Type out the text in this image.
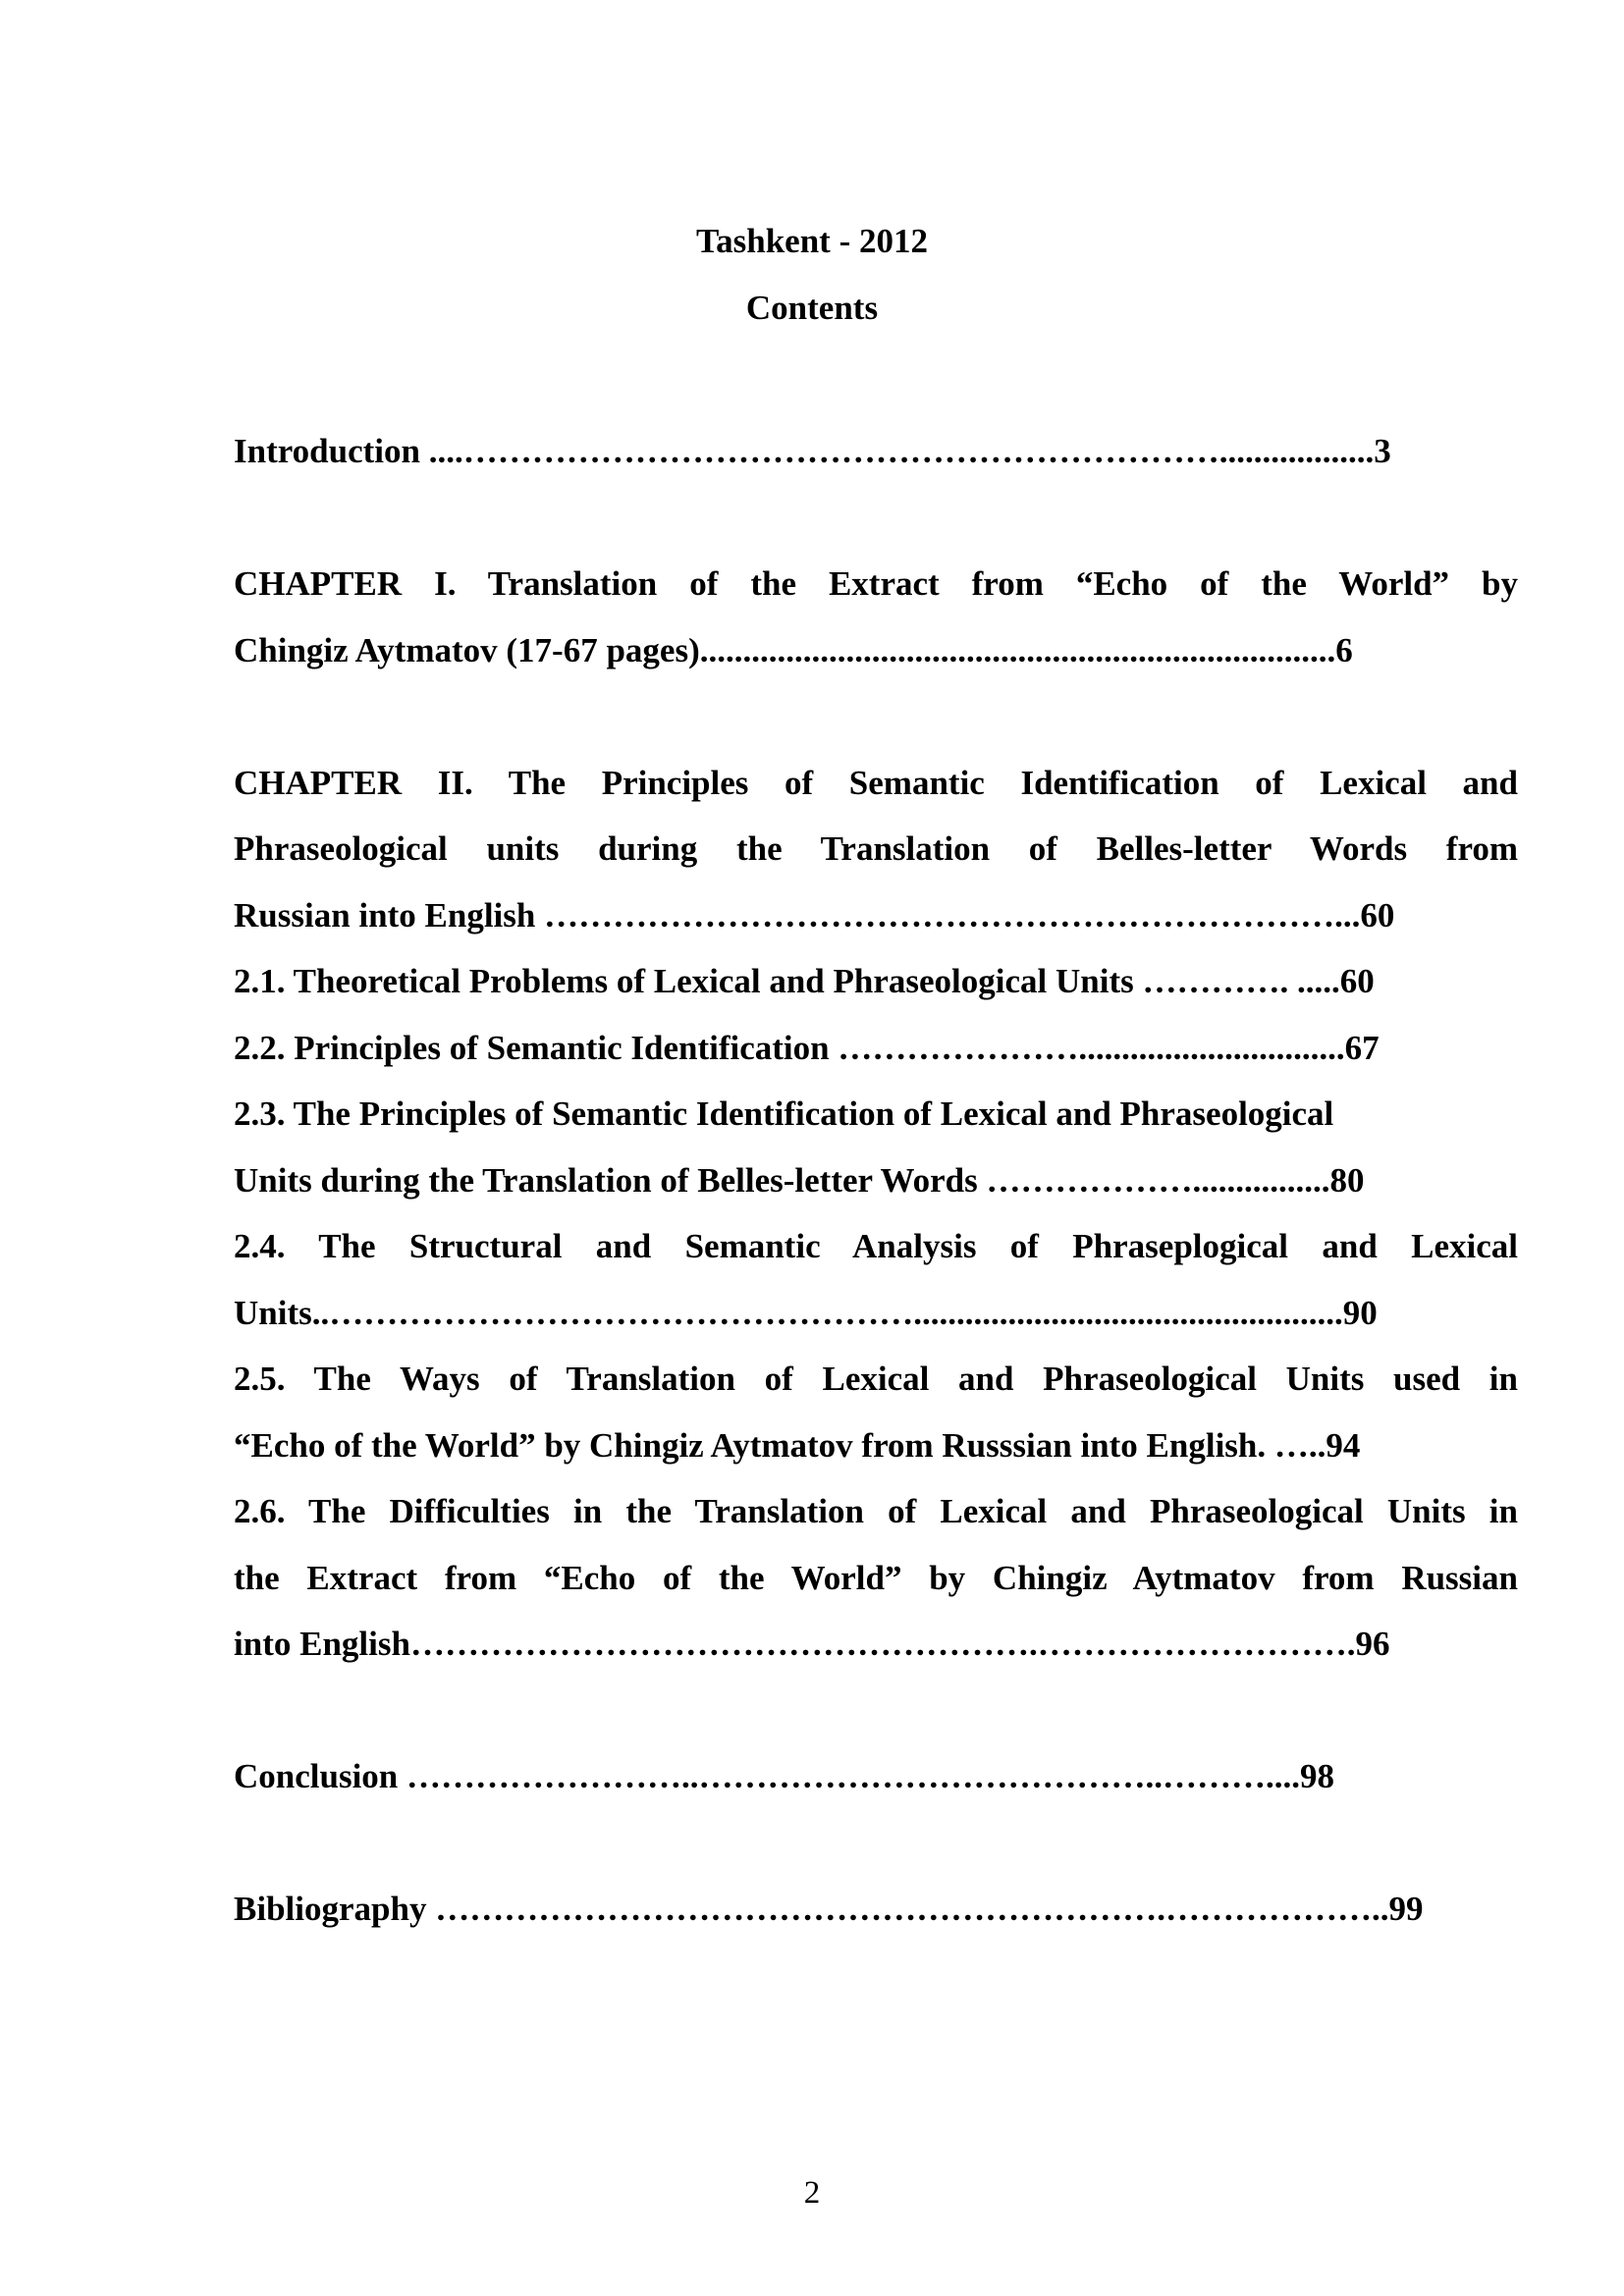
Tashkent - 2012
Contents
Introduction ....…………………………………………………………..................3
CHAPTER I. Translation of the Extract from “Echo of the World” by
Chingiz Aytmatov (17-67 pages)..........................................................................6
CHAPTER II. The Principles of Semantic Identification of Lexical and
Phraseological units during the Translation of Belles-letter Words from
Russian into English ……………………………………………………………...60
2.1. Theoretical Problems of Lexical and Phraseological Units …………. .....60
2.2. Principles of Semantic Identification …………………...............................67
2.3. The Principles of Semantic Identification of Lexical and Phraseological
Units during the Translation of Belles-letter Words ………………................80
2.4. The Structural and Semantic Analysis of Phraseplogical and Lexical
Units..……………………………………………..................................................90
2.5. The Ways of Translation of Lexical and Phraseological Units used in
“Echo of the World” by Chingiz Aytmatov from Russsian into English. …..94
2.6. The Difficulties in the Translation of Lexical and Phraseological Units in
the Extract from “Echo of the World” by Chingiz Aytmatov from Russian
into English……………………………………………….……………………….96
Conclusion ……………………..…………………………………..………....98
Bibliography ……………………………………………………….………………..99
2
